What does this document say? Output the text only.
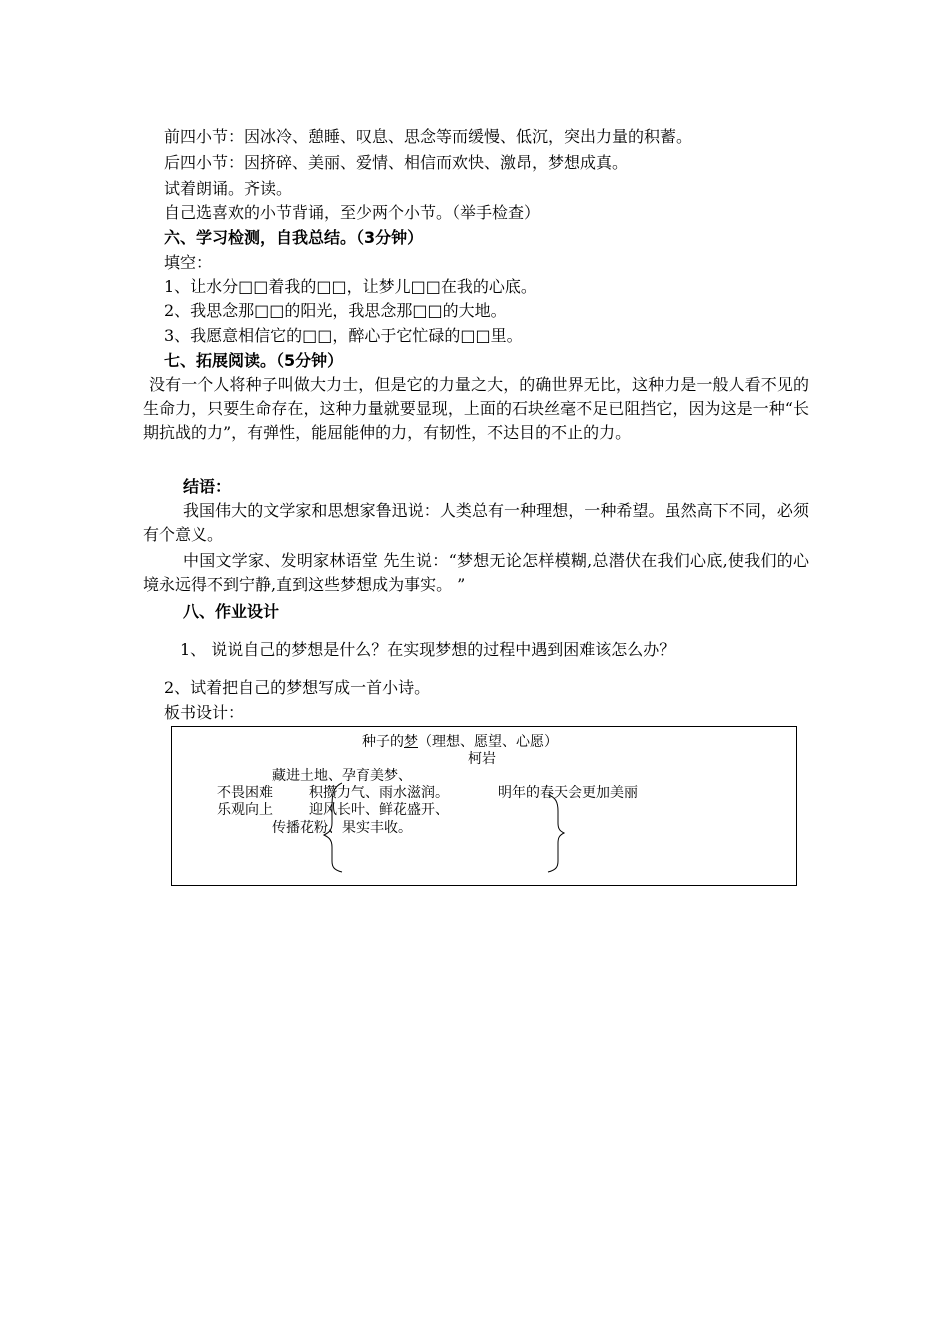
前四小节：因冰冷、憩睡、叹息、思念等而缓慢、低沉，突出力量的积蓄。
后四小节：因挤碎、美丽、爱情、相信而欢快、激昂，梦想成真。
试着朗诵。齐读。
自己选喜欢的小节背诵，至少两个小节。（举手检查）
六、学习检测，自我总结。（3分钟）
填空：
1、让水分□□着我的□□，让梦儿□□在我的心底。
2、我思念那□□的阳光，我思念那□□的大地。
3、我愿意相信它的□□，醉心于它忙碌的□□里。
七、拓展阅读。（5分钟）
没有一个人将种子叫做大力士，但是它的力量之大，的确世界无比，这种力是一般人看不见的生命力，只要生命存在，这种力量就要显现，上面的石块丝毫不足已阻挡它，因为这是一种“长期抗战的力”，有弹性，能屈能伸的力，有韧性，不达目的不止的力。
结语：
我国伟大的文学家和思想家鲁迅说：人类总有一种理想，一种希望。虽然高下不同，必须有个意义。
中国文学家、发明家林语堂 先生说：“梦想无论怎样模糊,总潜伏在我们心底,使我们的心境永远得不到宁静,直到这些梦想成为事实。 ”
八、作业设计
1、 说说自己的梦想是什么？在实现梦想的过程中遇到困难该怎么办？
2、试着把自己的梦想写成一首小诗。
板书设计：
种子的梦（理想、愿望、心愿）
柯岩
藏进土地、孕育美梦、
不畏困难	积攒力气、雨水滋润。	明年的春天会更加美丽
乐观向上	迎风长叶、鲜花盛开、
传播花粉、果实丰收。
